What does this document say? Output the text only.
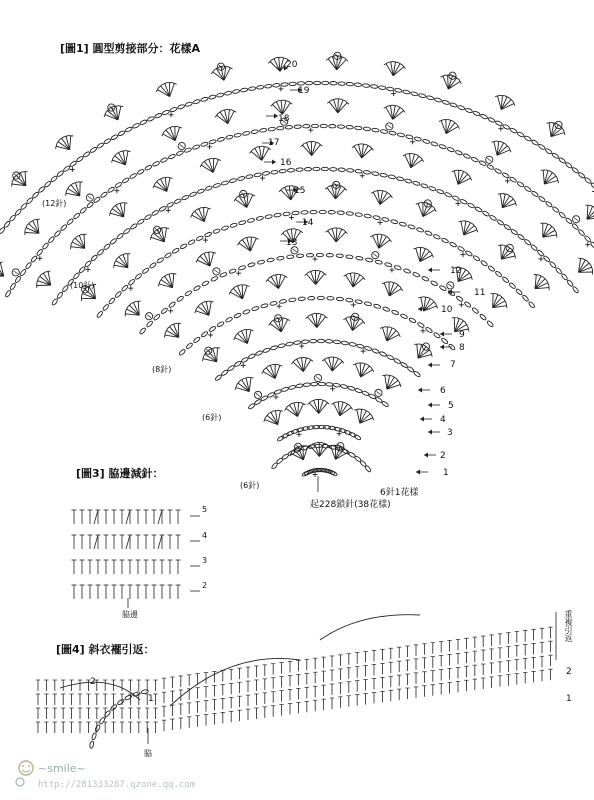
[圖1] 圓型剪接部分：花樣A
20
19
18
17
16
15
14
13
12
11
10
9
8
7
6
5
4
3
2
1
(12針)
(10針)
(8針)
(6針)
(6針)
6針1花樣
起228鎖針(38花樣)
[圖3] 脇邊減針：
5
4
3
2
脇邊
[圖4] 斜衣襬引返：
2
1
2
1
重複引返
脇
~smile~
http://281333287.qzone.qq.com
